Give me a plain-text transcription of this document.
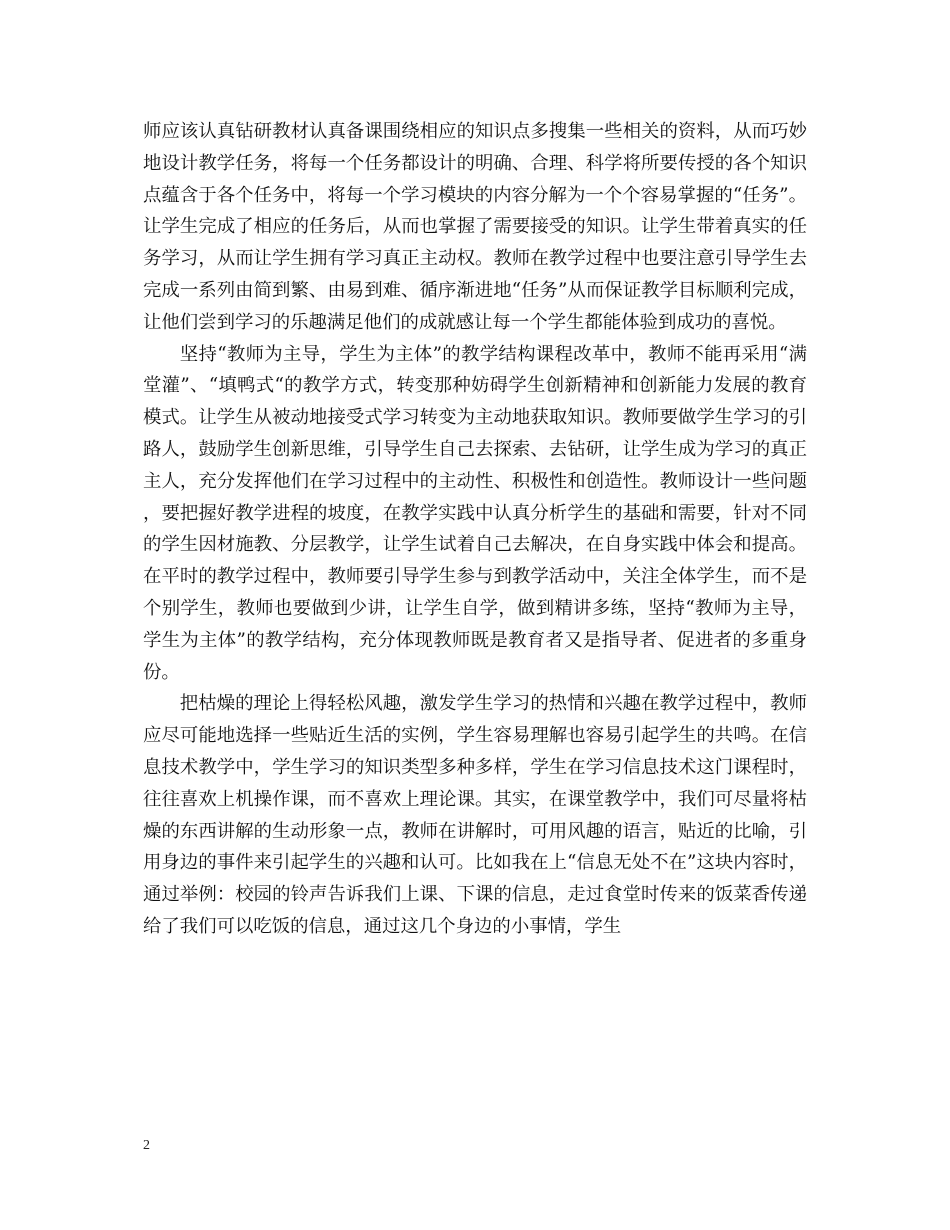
师应该认真钻研教材认真备课围绕相应的知识点多搜集一些相关的资料，从而巧妙地设计教学任务，将每一个任务都设计的明确、合理、科学将所要传授的各个知识点蕴含于各个任务中，将每一个学习模块的内容分解为一个个容易掌握的“任务”。让学生完成了相应的任务后，从而也掌握了需要接受的知识。让学生带着真实的任务学习，从而让学生拥有学习真正主动权。教师在教学过程中也要注意引导学生去完成一系列由简到繁、由易到难、循序渐进地“任务”从而保证教学目标顺利完成，让他们尝到学习的乐趣满足他们的成就感让每一个学生都能体验到成功的喜悦。

坚持“教师为主导，学生为主体”的教学结构课程改革中，教师不能再采用“满堂灌”、“填鸭式“的教学方式，转变那种妨碍学生创新精神和创新能力发展的教育模式。让学生从被动地接受式学习转变为主动地获取知识。教师要做学生学习的引路人，鼓励学生创新思维，引导学生自己去探索、去钻研，让学生成为学习的真正主人，充分发挥他们在学习过程中的主动性、积极性和创造性。教师设计一些问题，要把握好教学进程的坡度，在教学实践中认真分析学生的基础和需要，针对不同的学生因材施教、分层教学，让学生试着自己去解决，在自身实践中体会和提高。在平时的教学过程中，教师要引导学生参与到教学活动中，关注全体学生，而不是个别学生，教师也要做到少讲，让学生自学，做到精讲多练，坚持“教师为主导，学生为主体”的教学结构，充分体现教师既是教育者又是指导者、促进者的多重身份。

把枯燥的理论上得轻松风趣，激发学生学习的热情和兴趣在教学过程中，教师应尽可能地选择一些贴近生活的实例，学生容易理解也容易引起学生的共鸣。在信息技术教学中，学生学习的知识类型多种多样，学生在学习信息技术这门课程时，往往喜欢上机操作课，而不喜欢上理论课。其实，在课堂教学中，我们可尽量将枯燥的东西讲解的生动形象一点，教师在讲解时，可用风趣的语言，贴近的比喻，引用身边的事件来引起学生的兴趣和认可。比如我在上“信息无处不在”这块内容时，通过举例：校园的铃声告诉我们上课、下课的信息，走过食堂时传来的饭菜香传递给了我们可以吃饭的信息，通过这几个身边的小事情，学生

2
